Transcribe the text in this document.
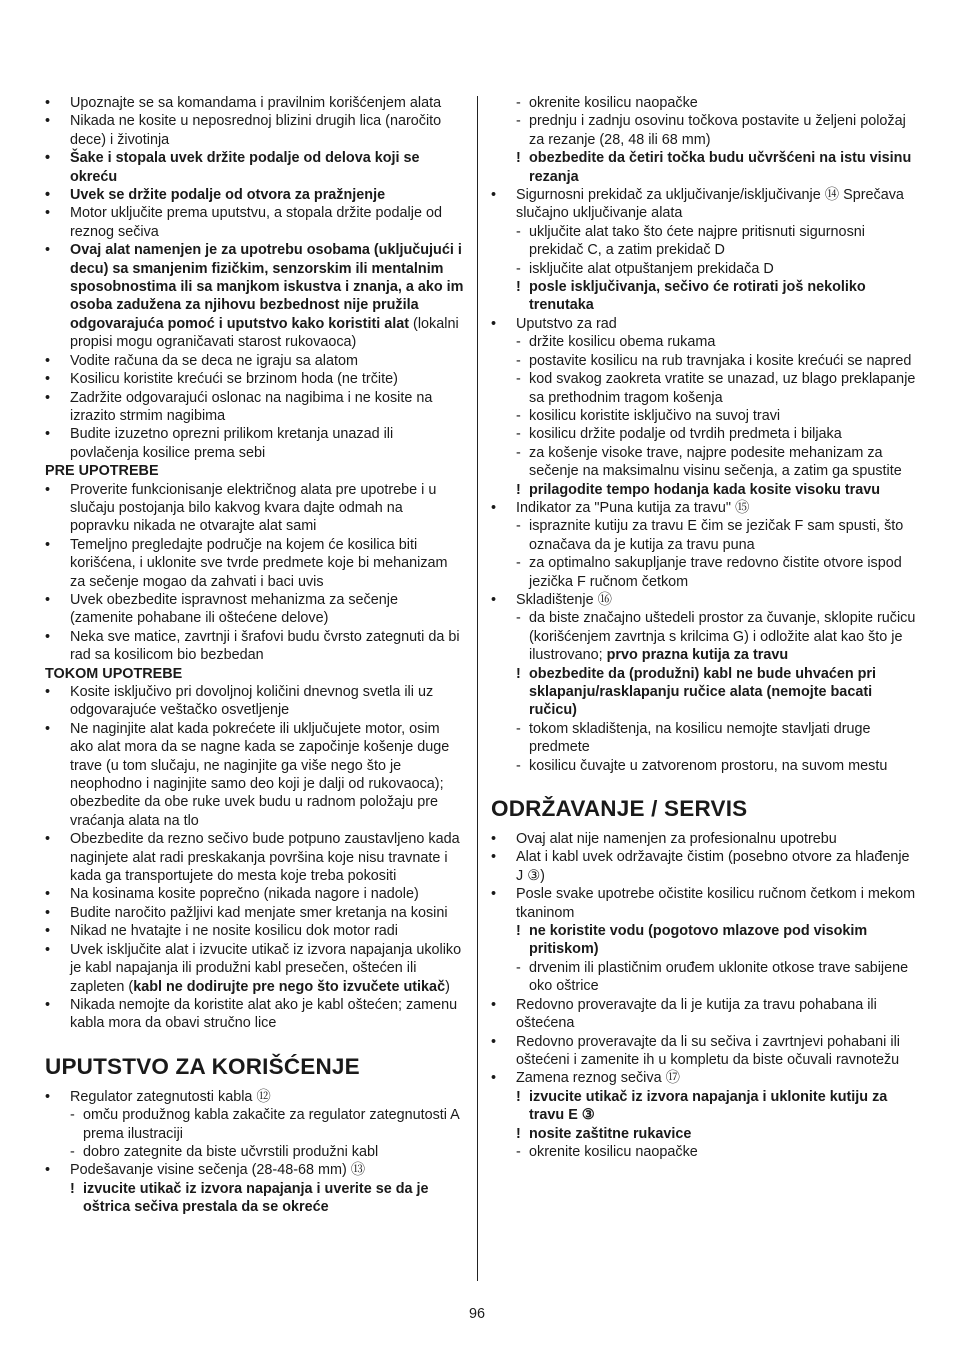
• Upoznajte se sa komandama i pravilnim korišćenjem alata
• Nikada ne kosite u neposrednoj blizini drugih lica (naročito dece) i životinja
• Šake i stopala uvek držite podalje od delova koji se okreću
• Uvek se držite podalje od otvora za pražnjenje
• Motor uključite prema uputstvu, a stopala držite podalje od reznog sečiva
• Ovaj alat namenjen je za upotrebu osobama (uključujući i decu) sa smanjenim fizičkim, senzorskim ili mentalnim sposobnostima ili sa manjkom iskustva i znanja, a ako im osoba zadužena za njihovu bezbednost nije pružila odgovarajuća pomoć i uputstvo kako koristiti alat (lokalni propisi mogu ograničavati starost rukovaoca)
• Vodite računa da se deca ne igraju sa alatom
• Kosilicu koristite krećući se brzinom hoda (ne trčite)
• Zadržite odgovarajući oslonac na nagibima i ne kosite na izrazito strmim nagibima
• Budite izuzetno oprezni prilikom kretanja unazad ili povlačenja kosilice prema sebi
PRE UPOTREBE
• Proverite funkcionisanje električnog alata pre upotrebe i u slučaju postojanja bilo kakvog kvara dajte odmah na popravku nikada ne otvarajte alat sami
• Temeljno pregledajte područje na kojem će kosilica biti korišćena, i uklonite sve tvrde predmete koje bi mehanizam za sečenje mogao da zahvati i baci uvis
• Uvek obezbedite ispravnost mehanizma za sečenje (zamenite pohabane ili oštećene delove)
• Neka sve matice, zavrtnji i šrafovi budu čvrsto zategnuti da bi rad sa kosilicom bio bezbedan
TOKOM UPOTREBE
• Kosite isključivo pri dovoljnoj količini dnevnog svetla ili uz odgovarajuće veštačko osvetljenje
• Ne naginjite alat kada pokrećete ili uključujete motor, osim ako alat mora da se nagne kada se započinje košenje duge trave (u tom slučaju, ne naginjite ga više nego što je neophodno i naginjite samo deo koji je dalji od rukovaoca); obezbedite da obe ruke uvek budu u radnom položaju pre vraćanja alata na tlo
• Obezbedite da rezno sečivo bude potpuno zaustavljeno kada naginjete alat radi preskakanja površina koje nisu travnate i kada ga transportujete do mesta koje treba pokositi
• Na kosinama kosite poprečno (nikada nagore i nadole)
• Budite naročito pažljivi kad menjate smer kretanja na kosini
• Nikad ne hvatajte i ne nosite kosilicu dok motor radi
• Uvek isključite alat i izvucite utikač iz izvora napajanja ukoliko je kabl napajanja ili produžni kabl presečen, oštećen ili zapleten (kabl ne dodirujte pre nego što izvučete utikač)
• Nikada nemojte da koristite alat ako je kabl oštećen; zamenu kabla mora da obavi stručno lice
UPUTSTVO ZA KORIŠĆENJE
• Regulator zategnutosti kabla ⑫
- omču produžnog kabla zakačite za regulator zategnutosti A prema ilustraciji
- dobro zategnite da biste učvrstili produžni kabl
• Podešavanje visine sečenja (28-48-68 mm) ⑬
! izvucite utikač iz izvora napajanja i uverite se da je oštrica sečiva prestala da se okreće
- okrenite kosilicu naopačke
- prednju i zadnju osovinu točkova postavite u željeni položaj za rezanje (28, 48 ili 68 mm)
! obezbedite da četiri točka budu učvršćeni na istu visinu rezanja
• Sigurnosni prekidač za uključivanje/isključivanje ⑭ Sprečava slučajno uključivanje alata
- uključite alat tako što ćete najpre pritisnuti sigurnosni prekidač C, a zatim prekidač D
- isključite alat otpuštanjem prekidača D
! posle isključivanja, sečivo će rotirati još nekoliko trenutaka
• Uputstvo za rad
- držite kosilicu obema rukama
- postavite kosilicu na rub travnjaka i kosite krećući se napred
- kod svakog zaokreta vratite se unazad, uz blago preklapanje sa prethodnim tragom košenja
- kosilicu koristite isključivo na suvoj travi
- kosilicu držite podalje od tvrdih predmeta i biljaka
- za košenje visoke trave, najpre podesite mehanizam za sečenje na maksimalnu visinu sečenja, a zatim ga spustite
! prilagodite tempo hodanja kada kosite visoku travu
• Indikator za "Puna kutija za travu" ⑮
- ispraznite kutiju za travu E čim se jezičak F sam spusti, što označava da je kutija za travu puna
- za optimalno sakupljanje trave redovno čistite otvore ispod jezička F ručnom četkom
• Skladištenje ⑯
- da biste značajno uštedeli prostor za čuvanje, sklopite ručicu (korišćenjem zavrtnja s krilcima G) i odložite alat kao što je ilustrovano; prvo prazna kutija za travu
! obezbedite da (produžni) kabl ne bude uhvaćen pri sklapanju/rasklapanju ručice alata (nemojte bacati ručicu)
- tokom skladištenja, na kosilicu nemojte stavljati druge predmete
- kosilicu čuvajte u zatvorenom prostoru, na suvom mestu
ODRŽAVANJE / SERVIS
• Ovaj alat nije namenjen za profesionalnu upotrebu
• Alat i kabl uvek održavajte čistim (posebno otvore za hlađenje J ③)
• Posle svake upotrebe očistite kosilicu ručnom četkom i mekom tkaninom
! ne koristite vodu (pogotovo mlazove pod visokim pritiskom)
- drvenim ili plastičnim oruđem uklonite otkose trave sabijene oko oštrice
• Redovno proveravajte da li je kutija za travu pohabana ili oštećena
• Redovno proveravajte da li su sečiva i zavrtnjevi pohabani ili oštećeni i zamenite ih u kompletu da biste očuvali ravnotežu
• Zamena reznog sečiva ⑰
! izvucite utikač iz izvora napajanja i uklonite kutiju za travu E ③
! nosite zaštitne rukavice
- okrenite kosilicu naopačke
96
